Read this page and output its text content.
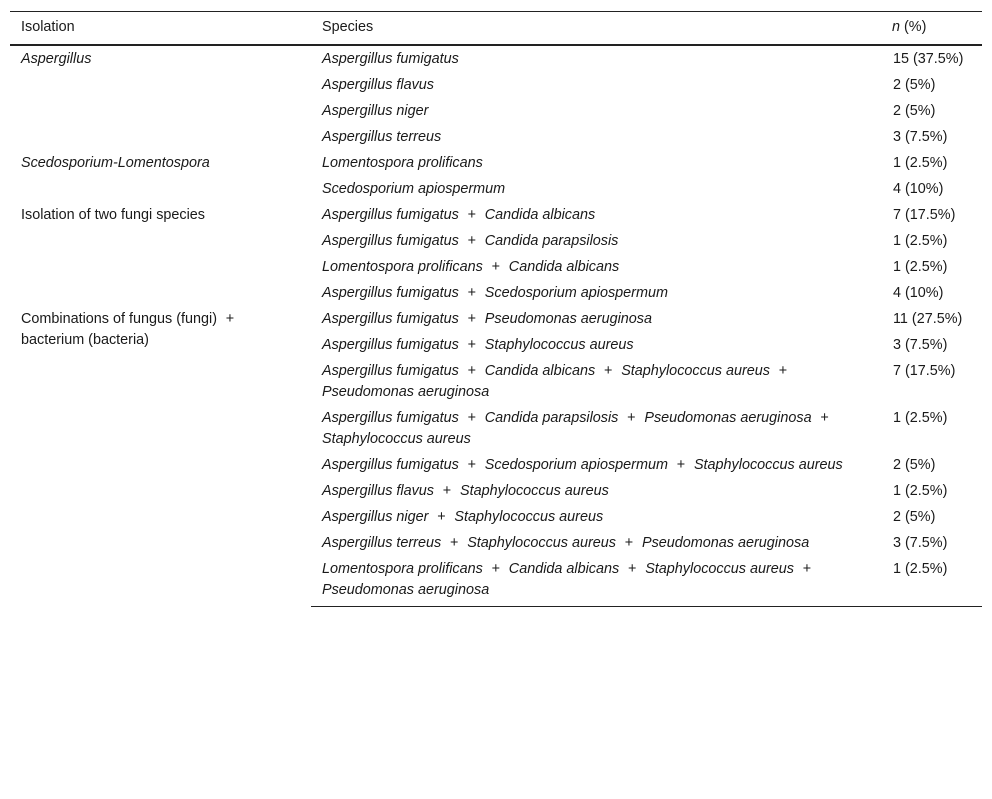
Isolation	Species	n (%)
Aspergillus	Aspergillus fumigatus	15 (37.5%)
	Aspergillus flavus	2 (5%)
	Aspergillus niger	2 (5%)
	Aspergillus terreus	3 (7.5%)
Scedosporium-Lomentospora	Lomentospora prolificans	1 (2.5%)
	Scedosporium apiospermum	4 (10%)
Isolation of two fungi species	Aspergillus fumigatus + Candida albicans	7 (17.5%)
	Aspergillus fumigatus + Candida parapsilosis	1 (2.5%)
	Lomentospora prolificans + Candida albicans	1 (2.5%)
	Aspergillus fumigatus + Scedosporium apiospermum	4 (10%)
Combinations of fungus (fungi) +bacterium (bacteria)	Aspergillus fumigatus + Pseudomonas aeruginosa	11 (27.5%)
	Aspergillus fumigatus + Staphylococcus aureus	3 (7.5%)
	Aspergillus fumigatus + Candida albicans + Staphylococcus aureus +Pseudomonas aeruginosa	7 (17.5%)
	Aspergillus fumigatus + Candida parapsilosis + Pseudomonas aeruginosa +Staphylococcus aureus	1 (2.5%)
	Aspergillus fumigatus + Scedosporium apiospermum + Staphylococcus aureus	2 (5%)
	Aspergillus flavus + Staphylococcus aureus	1 (2.5%)
	Aspergillus niger + Staphylococcus aureus	2 (5%)
	Aspergillus terreus + Staphylococcus aureus + Pseudomonas aeruginosa	3 (7.5%)
	Lomentospora prolificans + Candida albicans + Staphylococcus aureus +Pseudomonas aeruginosa	1 (2.5%)
